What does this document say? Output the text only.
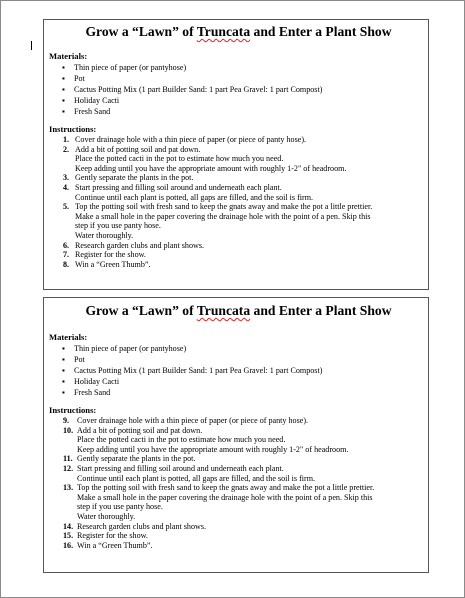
Grow a “Lawn” of Truncata and Enter a Plant Show
Materials:
▪ Thin piece of paper (or pantyhose)
▪ Pot
▪ Cactus Potting Mix (1 part Builder Sand: 1 part Pea Gravel: 1 part Compost)
▪ Holiday Cacti
▪ Fresh Sand
Instructions:
1. Cover drainage hole with a thin piece of paper (or piece of panty hose).
2. Add a bit of potting soil and pat down.
Place the potted cacti in the pot to estimate how much you need.
Keep adding until you have the appropriate amount with roughly 1-2" of headroom.
3. Gently separate the plants in the pot.
4. Start pressing and filling soil around and underneath each plant.
Continue until each plant is potted, all gaps are filled, and the soil is firm.
5. Top the potting soil with fresh sand to keep the gnats away and make the pot a little prettier.
Make a small hole in the paper covering the drainage hole with the point of a pen. Skip this
step if you use panty hose.
Water thoroughly.
6. Research garden clubs and plant shows.
7. Register for the show.
8. Win a “Green Thumb”.
Grow a “Lawn” of Truncata and Enter a Plant Show
Materials:
▪ Thin piece of paper (or pantyhose)
▪ Pot
▪ Cactus Potting Mix (1 part Builder Sand: 1 part Pea Gravel: 1 part Compost)
▪ Holiday Cacti
▪ Fresh Sand
Instructions:
9. Cover drainage hole with a thin piece of paper (or piece of panty hose).
10. Add a bit of potting soil and pat down.
Place the potted cacti in the pot to estimate how much you need.
Keep adding until you have the appropriate amount with roughly 1-2" of headroom.
11. Gently separate the plants in the pot.
12. Start pressing and filling soil around and underneath each plant.
Continue until each plant is potted, all gaps are filled, and the soil is firm.
13. Top the potting soil with fresh sand to keep the gnats away and make the pot a little prettier.
Make a small hole in the paper covering the drainage hole with the point of a pen. Skip this
step if you use panty hose.
Water thoroughly.
14. Research garden clubs and plant shows.
15. Register for the show.
16. Win a “Green Thumb”.
